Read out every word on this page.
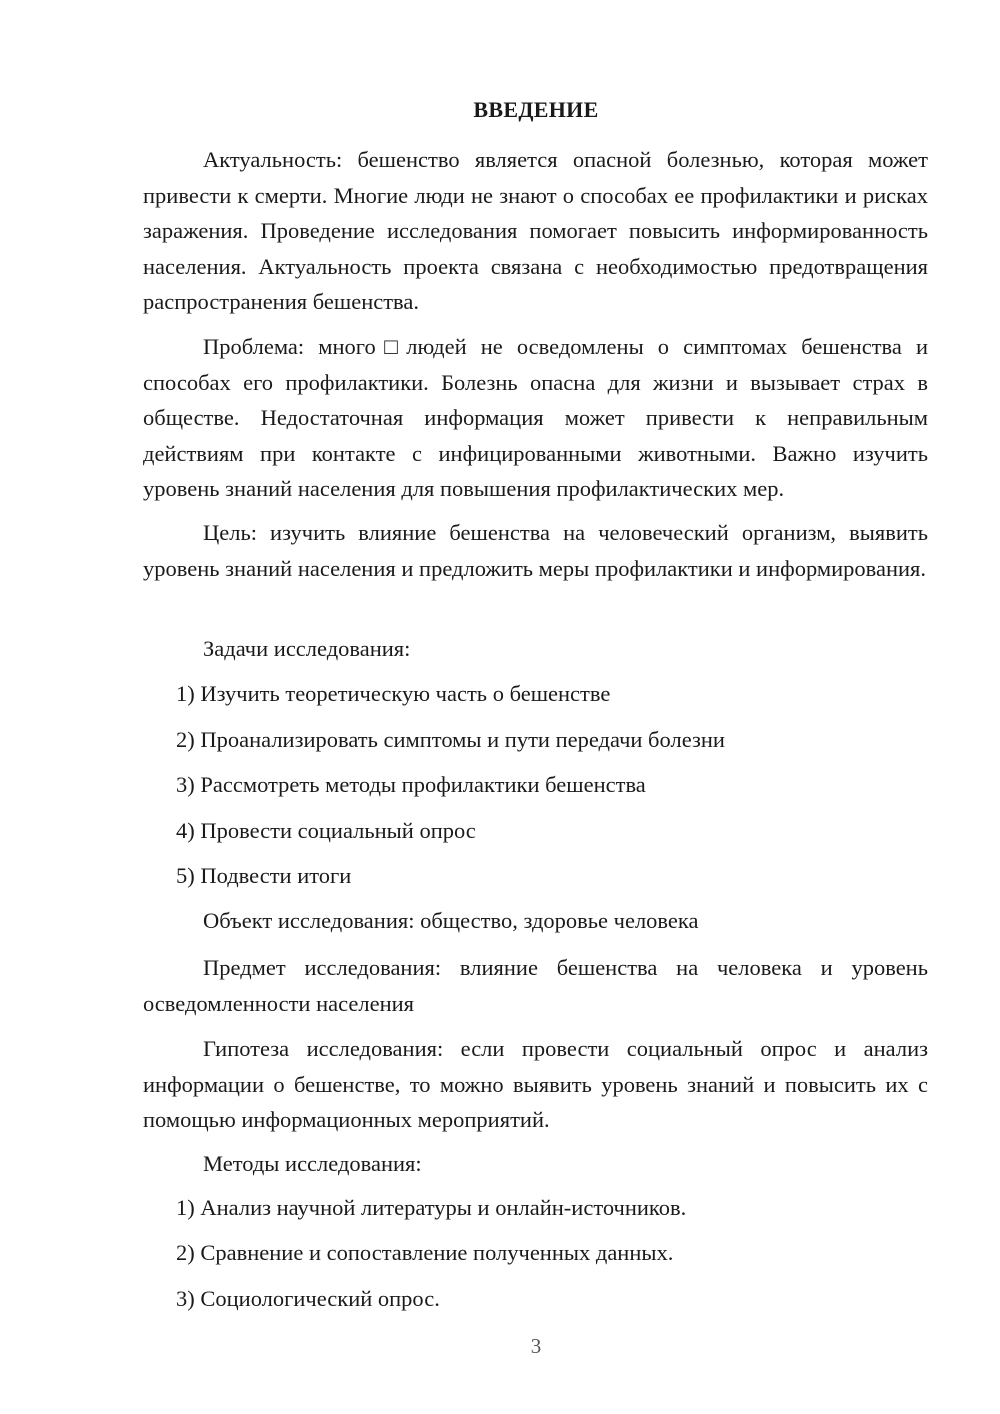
ВВЕДЕНИЕ

Актуальность: бешенство является опасной болезнью, которая может привести к смерти. Многие люди не знают о способах ее профилактики и рисках заражения. Проведение исследования помогает повысить информированность населения. Актуальность проекта связана с необходимостью предотвращения распространения бешенства.

Проблема: много□людей не осведомлены о симптомах бешенства и способах его профилактики. Болезнь опасна для жизни и вызывает страх в обществе. Недостаточная информация может привести к неправильным действиям при контакте с инфицированными животными. Важно изучить уровень знаний населения для повышения профилактических мер.

Цель: изучить влияние бешенства на человеческий организм, выявить уровень знаний населения и предложить меры профилактики и информирования.

Задачи исследования:
1) Изучить теоретическую часть о бешенстве
2) Проанализировать симптомы и пути передачи болезни
3) Рассмотреть методы профилактики бешенства
4) Провести социальный опрос
5) Подвести итоги
Объект исследования: общество, здоровье человека

Предмет исследования: влияние бешенства на человека и уровень осведомленности населения

Гипотеза исследования: если провести социальный опрос и анализ информации о бешенстве, то можно выявить уровень знаний и повысить их с помощью информационных мероприятий.

Методы исследования:
1) Анализ научной литературы и онлайн-источников.
2) Сравнение и сопоставление полученных данных.
3) Социологический опрос.
3
